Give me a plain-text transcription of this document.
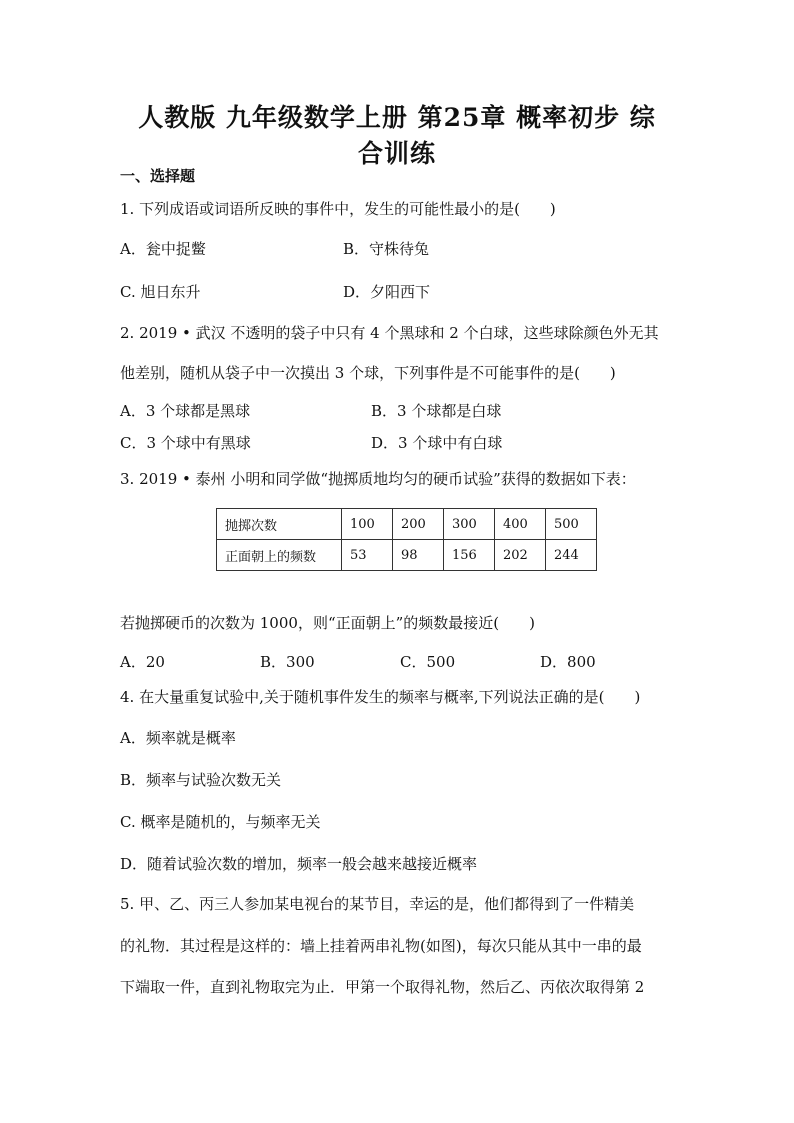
人教版 九年级数学上册 第25章 概率初步 综
合训练
一、选择题
1. 下列成语或词语所反映的事件中，发生的可能性最小的是(　　)
A．瓮中捉鳖	B．守株待兔
C. 旭日东升	D．夕阳西下
2. 2019 • 武汉 不透明的袋子中只有 4 个黑球和 2 个白球，这些球除颜色外无其
他差别，随机从袋子中一次摸出 3 个球，下列事件是不可能事件的是(　　)
A．3 个球都是黑球	B．3 个球都是白球
C．3 个球中有黑球	D．3 个球中有白球
3. 2019 • 泰州 小明和同学做“抛掷质地均匀的硬币试验”获得的数据如下表：
抛掷次数	100	200	300	400	500
正面朝上的频数	53	98	156	202	244
若抛掷硬币的次数为 1000，则“正面朝上”的频数最接近(　　)
A．20	B．300	C．500	D．800
4. 在大量重复试验中,关于随机事件发生的频率与概率,下列说法正确的是(　　)
A．频率就是概率
B．频率与试验次数无关
C. 概率是随机的，与频率无关
D．随着试验次数的增加，频率一般会越来越接近概率
5. 甲、乙、丙三人参加某电视台的某节目，幸运的是，他们都得到了一件精美
的礼物．其过程是这样的：墙上挂着两串礼物(如图)，每次只能从其中一串的最
下端取一件，直到礼物取完为止．甲第一个取得礼物，然后乙、丙依次取得第 2
